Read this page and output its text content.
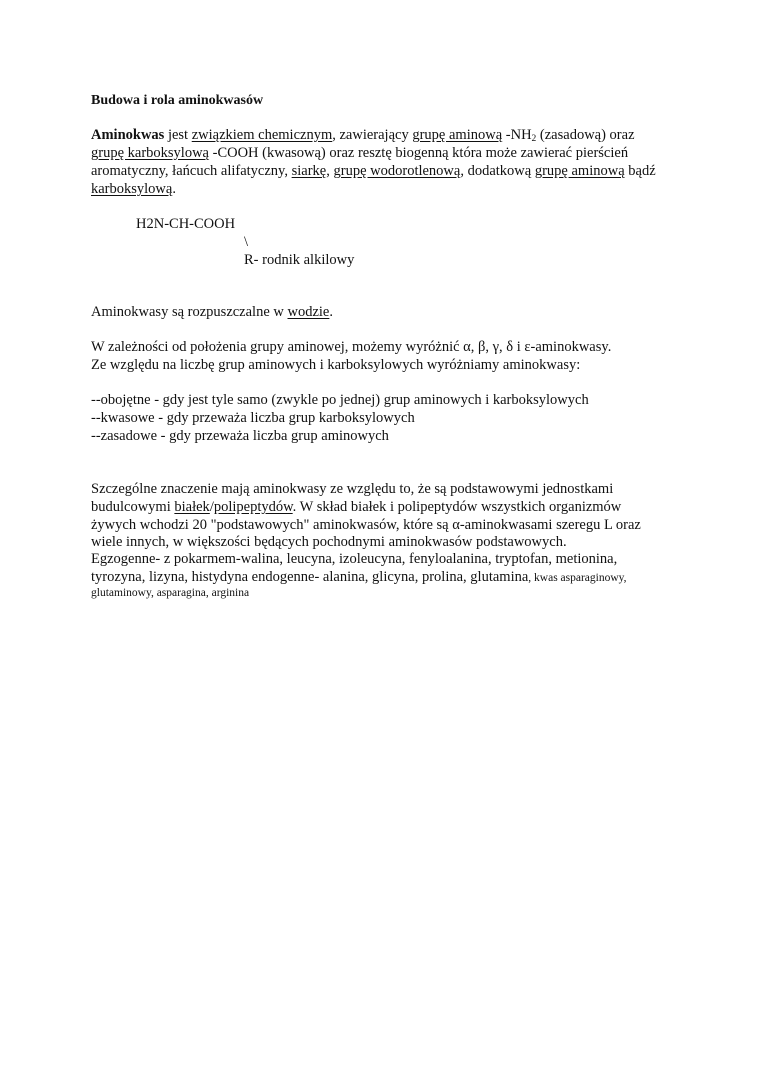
Budowa i rola aminokwasów
Aminokwas jest związkiem chemicznym, zawierający grupę aminową $-NH_2$ (zasadową) oraz
grupę karboksylową -COOH (kwasową) oraz resztę biogenną która może zawierać pierścień
aromatyczny, łańcuch alifatyczny, siarkę, grupę wodorotlenową, dodatkową grupę aminową bądź
karboksylową.
H2N-CH-COOH
\
R- rodnik alkilowy
Aminokwasy są rozpuszczalne w wodzie.
W zależności od położenia grupy aminowej, możemy wyróżnić α, β, γ, δ i ε-aminokwasy.
Ze względu na liczbę grup aminowych i karboksylowych wyróżniamy aminokwasy:
--obojętne - gdy jest tyle samo (zwykle po jednej) grup aminowych i karboksylowych
--kwasowe - gdy przeważa liczba grup karboksylowych
--zasadowe - gdy przeważa liczba grup aminowych
Szczególne znaczenie mają aminokwasy ze względu to, że są podstawowymi jednostkami
budulcowymi białek/polipeptydów. W skład białek i polipeptydów wszystkich organizmów
żywych wchodzi 20 "podstawowych" aminokwasów, które są α-aminokwasami szeregu L oraz
wiele innych, w większości będących pochodnymi aminokwasów podstawowych.
Egzogenne- z pokarmem-walina, leucyna, izoleucyna, fenyloalanina, tryptofan, metionina,
tyrozyna, lizyna, histydyna endogenne- alanina, glicyna, prolina, glutamina, kwas asparaginowy,
glutaminowy, asparagina, arginina
